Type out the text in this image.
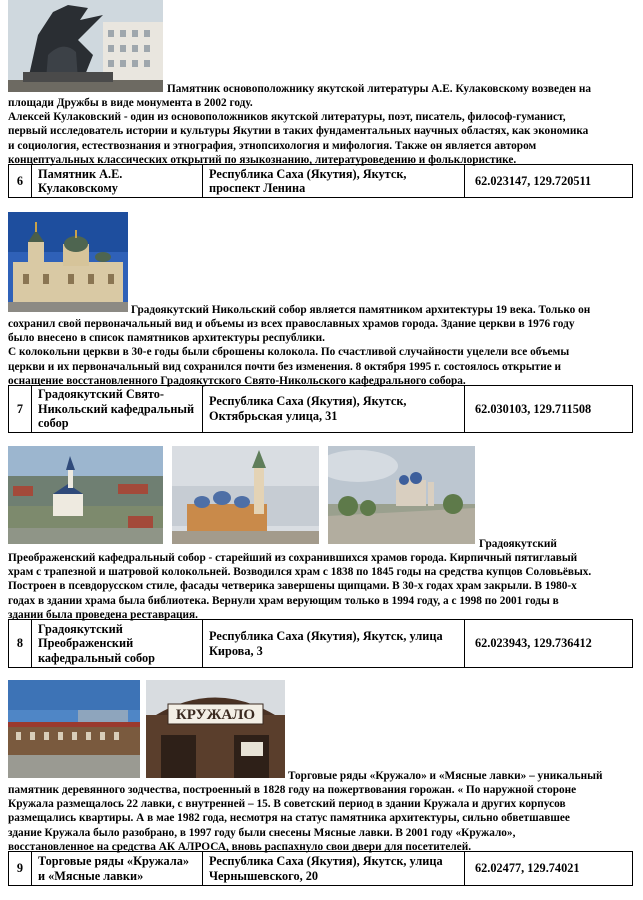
Памятник основоположнику якутской литературы А.Е. Кулаковскому возведен на

площади Дружбы в виде монумента в 2002 году.

Алексей Кулаковский - один из основоположников якутской литературы, поэт, писатель, философ-гуманист,

первый исследователь истории и культуры Якутии в таких фундаментальных научных областях, как экономика

и социология, естествознания и этнография, этнопсихология и мифология. Также он является автором

концептуальных классических открытий по языкознанию, литературоведению и фольклористике.

6	Памятник А.Е. Кулаковскому	Республика Саха (Якутия), Якутск, проспект Ленина	62.023147, 129.720511
Градоякутский Никольский собор является памятником архитектуры 19 века. Только он

сохранил свой первоначальный вид и объемы из всех православных храмов города. Здание церкви в 1976 году

было внесено в список памятников архитектуры республики.

С колокольни церкви в 30-е годы были сброшены колокола. По счастливой случайности уцелели все объемы

церкви и их первоначальный вид сохранился почти без изменения. 8 октября 1995 г. состоялось открытие и

оснащение восстановленного Градоякутского Свято-Никольского кафедрального собора.

7	Градоякутский Свято-Никольский кафедральный собор	Республика Саха (Якутия), Якутск, Октябрьская улица, 31	62.030103, 129.711508
Градоякутский

Преображенский кафедральный собор - старейший из сохранившихся храмов города. Кирпичный пятиглавый

храм с трапезной и шатровой колокольней. Возводился храм с 1838 по 1845 годы на средства купцов Соловьёвых.

Построен в псевдорусском стиле, фасады четверика завершены щипцами. В 30-х годах храм закрыли. В 1980-х

годах в здании храма была библиотека. Вернули храм верующим только в 1994 году, а с 1998 по 2001 годы в

здании была проведена реставрация.

8	Градоякутский Преображенский кафедральный собор	Республика Саха (Якутия), Якутск, улица Кирова, 3	62.023943, 129.736412
КРУЖАЛО
Торговые ряды «Кружало» и «Мясные лавки» – уникальный

памятник деревянного зодчества, построенный в 1828 году на пожертвования горожан. « По наружной стороне

Кружала размещалось 22 лавки, с внутренней – 15. В советский период в здании Кружала и других корпусов

размещались квартиры. А в мае 1982 года, несмотря на статус памятника архитектуры, сильно обветшавшее

здание Кружала было разобрано, в 1997 году были снесены Мясные лавки. В 2001 году «Кружало»,

восстановленное на средства АК АЛРОСА, вновь распахнуло свои двери для посетителей.

9	Торговые ряды «Кружала» и «Мясные лавки»	Республика Саха (Якутия), Якутск, улица Чернышевского, 20	62.02477, 129.74021
